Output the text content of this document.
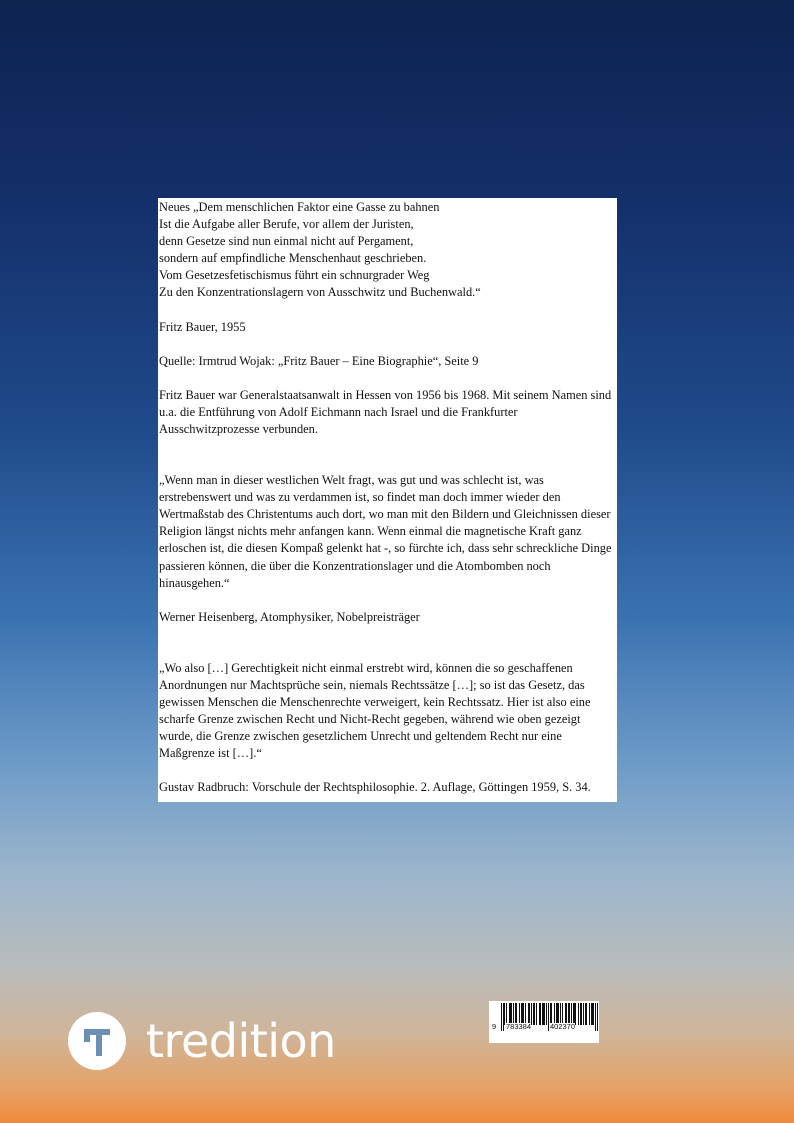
Neues „Dem menschlichen Faktor eine Gasse zu bahnen

Ist die Aufgabe aller Berufe, vor allem der Juristen,

denn Gesetze sind nun einmal nicht auf Pergament,

sondern auf empfindliche Menschenhaut geschrieben.

Vom Gesetzesfetischismus führt ein schnurgrader Weg

Zu den Konzentrationslagern von Ausschwitz und Buchenwald.“

Fritz Bauer, 1955

Quelle: Irmtrud Wojak: „Fritz Bauer – Eine Biographie“, Seite 9

Fritz Bauer war Generalstaatsanwalt in Hessen von 1956 bis 1968. Mit seinem Namen sind u.a. die Entführung von Adolf Eichmann nach Israel und die Frankfurter Ausschwitzprozesse verbunden.

„Wenn man in dieser westlichen Welt fragt, was gut und was schlecht ist, was erstrebenswert und was zu verdammen ist, so findet man doch immer wieder den Wertmaßstab des Christentums auch dort, wo man mit den Bildern und Gleichnissen dieser Religion längst nichts mehr anfangen kann. Wenn einmal die magnetische Kraft ganz erloschen ist, die diesen Kompaß gelenkt hat -, so fürchte ich, dass sehr schreckliche Dinge passieren können, die über die Konzentrationslager und die Atombomben noch hinausgehen.“

Werner Heisenberg, Atomphysiker, Nobelpreisträger

„Wo also […] Gerechtigkeit nicht einmal erstrebt wird, können die so geschaffenen Anordnungen nur Machtsprüche sein, niemals Rechtssätze […]; so ist das Gesetz, das gewissen Menschen die Menschenrechte verweigert, kein Rechtssatz. Hier ist also eine scharfe Grenze zwischen Recht und Nicht-Recht gegeben, während wie oben gezeigt wurde, die Grenze zwischen gesetzlichem Unrecht und geltendem Recht nur eine Maßgrenze ist […].“

Gustav Radbruch: Vorschule der Rechtsphilosophie. 2. Auflage, Göttingen 1959, S. 34.

tredition	9 783384	402370
